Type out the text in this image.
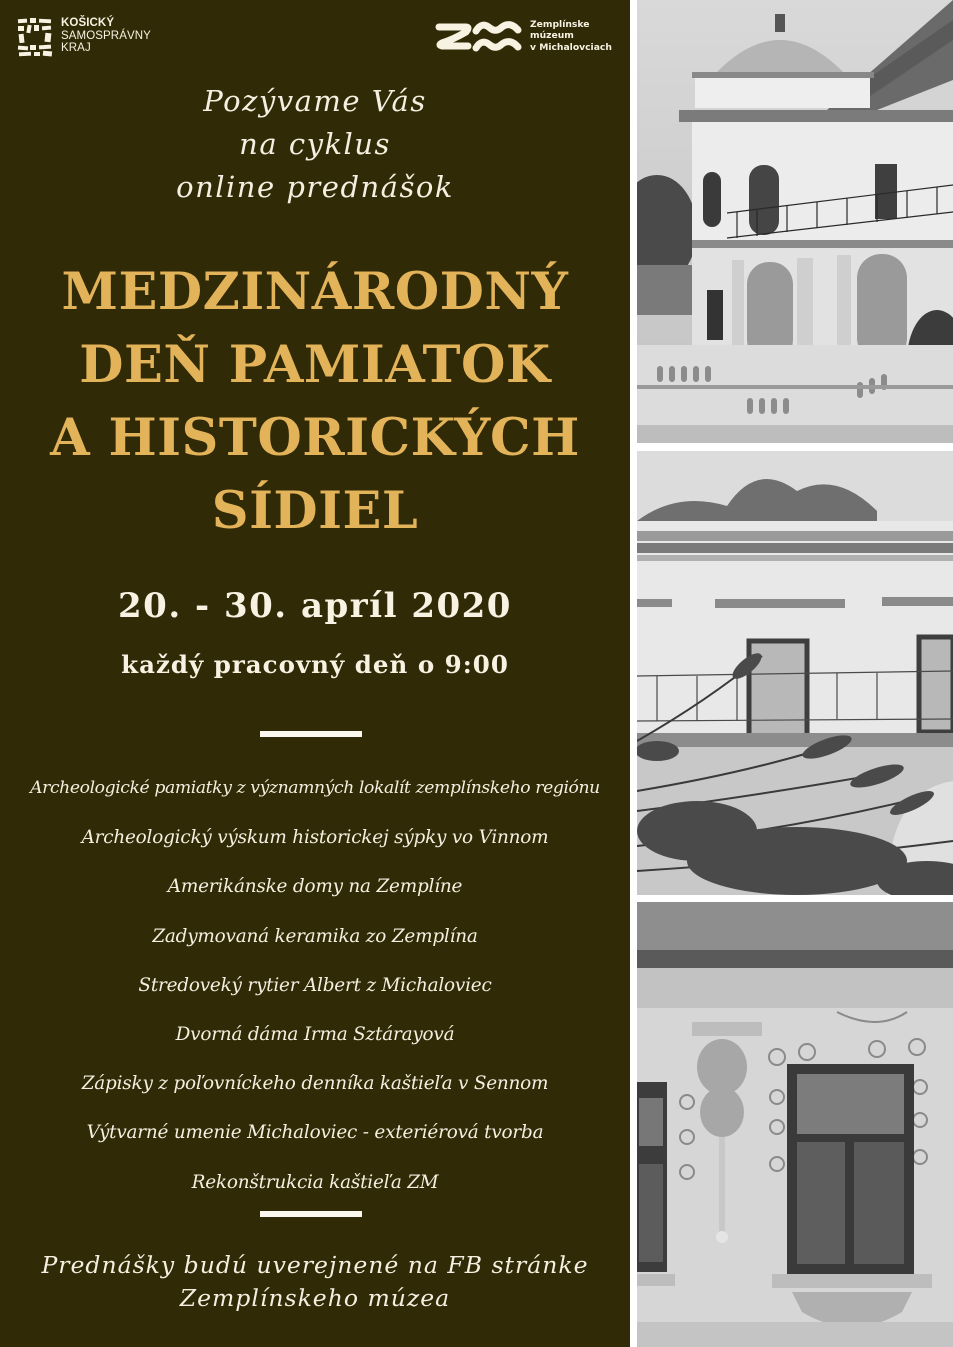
KOŠICKÝ
SAMOSPRÁVNY
KRAJ
Zemplínske
múzeum
v Michalovciach
Pozývame Vás
na cyklus
online prednášok
MEDZINÁRODNÝ
DEŇ PAMIATOK
A HISTORICKÝCH
SÍDIEL
20. - 30. apríl 2020
každý pracovný deň o 9:00
Archeologické pamiatky z významných lokalít zemplínskeho regiónu
Archeologický výskum historickej sýpky vo Vinnom
Amerikánske domy na Zemplíne
Zadymovaná keramika zo Zemplína
Stredoveký rytier Albert z Michaloviec
Dvorná dáma Irma Sztárayová
Zápisky z poľovníckeho denníka kaštieľa v Sennom
Výtvarné umenie Michaloviec - exteriérová tvorba
Rekonštrukcia kaštieľa ZM
Prednášky budú uverejnené na FB stránke
Zemplínskeho múzea
